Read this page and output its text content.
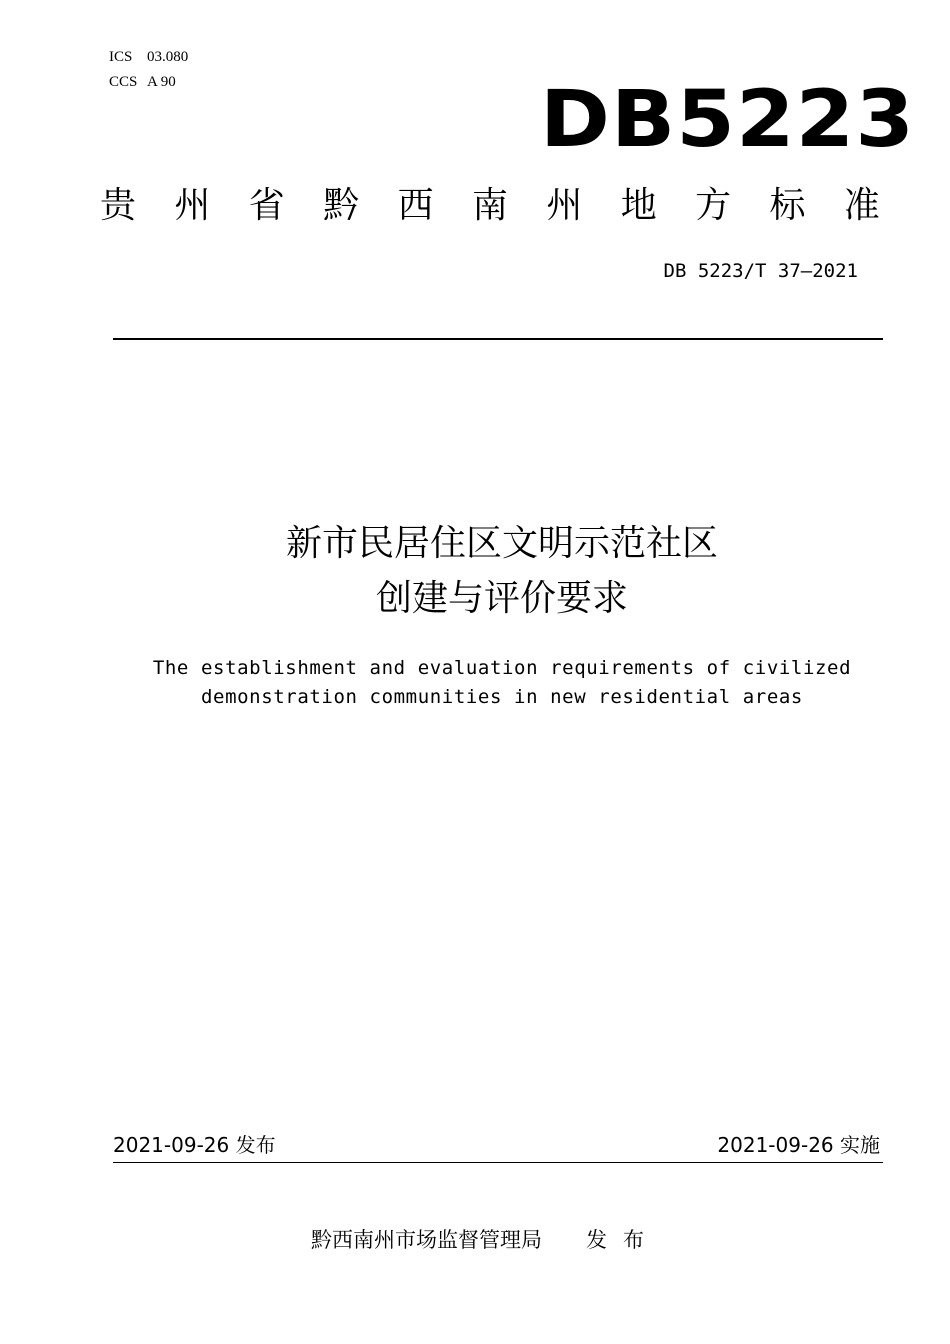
ICS 03.080
CCS A 90	DB5223
贵 州 省 黔 西 南 州 地 方 标 准
DB 5223/T 37—2021
新市民居住区文明示范社区
创建与评价要求
The establishment and evaluation requirements of civilized
demonstration communities in new residential areas
2021-09-26 发布	2021-09-26 实施
黔西南州市场监督管理局 发布
